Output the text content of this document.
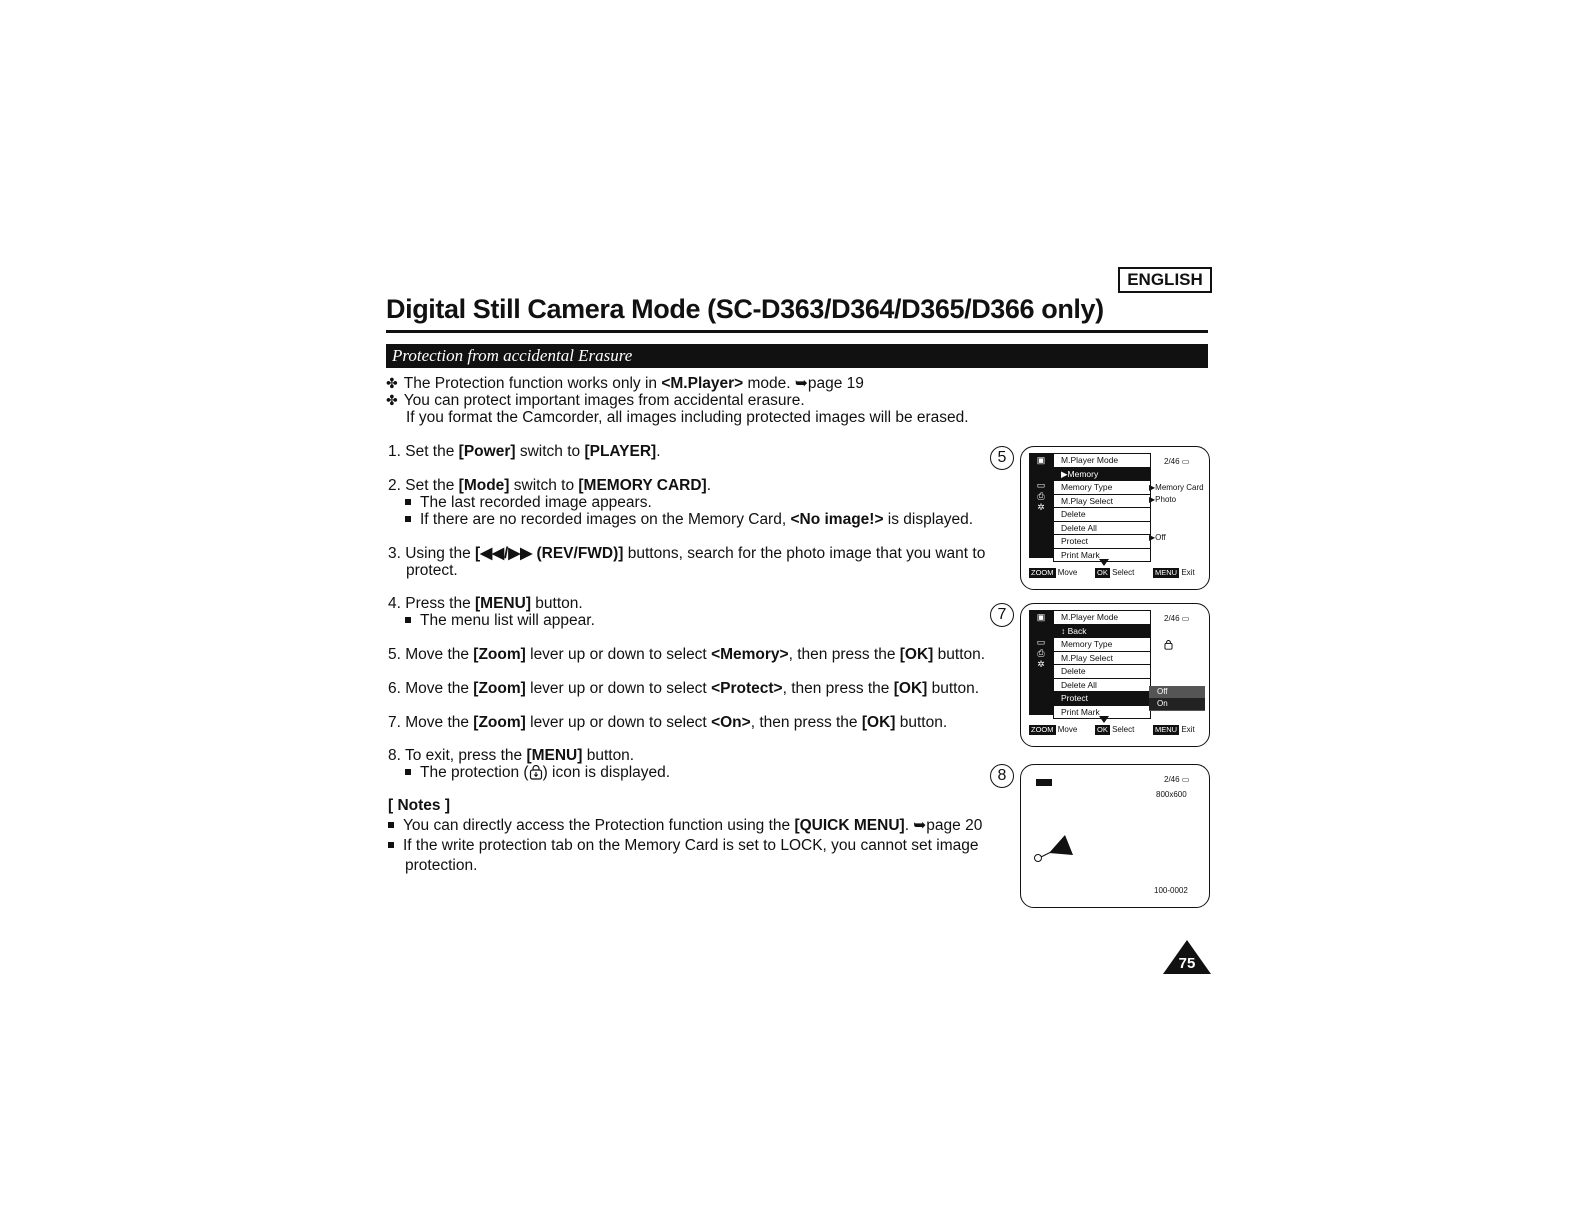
ENGLISH
Digital Still Camera Mode (SC-D363/D364/D365/D366 only)
Protection from accidental Erasure
✤ The Protection function works only in <M.Player> mode. ➥page 19
✤ You can protect important images from accidental erasure.
If you format the Camcorder, all images including protected images will be erased.
1. Set the [Power] switch to [PLAYER].
2. Set the [Mode] switch to [MEMORY CARD].
The last recorded image appears.
If there are no recorded images on the Memory Card, <No image!> is displayed.
3. Using the [◀◀/▶▶ (REV/FWD)] buttons, search for the photo image that you want to
protect.
4. Press the [MENU] button.
The menu list will appear.
5. Move the [Zoom] lever up or down to select <Memory>, then press the [OK] button.
6. Move the [Zoom] lever up or down to select <Protect>, then press the [OK] button.
7. Move the [Zoom] lever up or down to select <On>, then press the [OK] button.
8. To exit, press the [MENU] button.
The protection ( ) icon is displayed.
[ Notes ]
You can directly access the Protection function using the [QUICK MENU]. ➥page 20
If the write protection tab on the Memory Card is set to LOCK, you cannot set image
protection.
5	▣
▭
⎙
✲
M.Player Mode
▶Memory
Memory Type
M.Play Select
Delete
Delete All
Protect
Print Mark
2/46 ▭
▶Memory Card
▶Photo
▶Off
ZOOM Move	OK Select	MENU Exit
7	▣
▭
⎙
✲
M.Player Mode
↕ Back
Memory Type
M.Play Select
Delete
Delete All
Protect
Print Mark
Off
On
2/46 ▭
ZOOM Move	OK Select	MENU Exit
8	2/46 ▭
800x600
100-0002
75
